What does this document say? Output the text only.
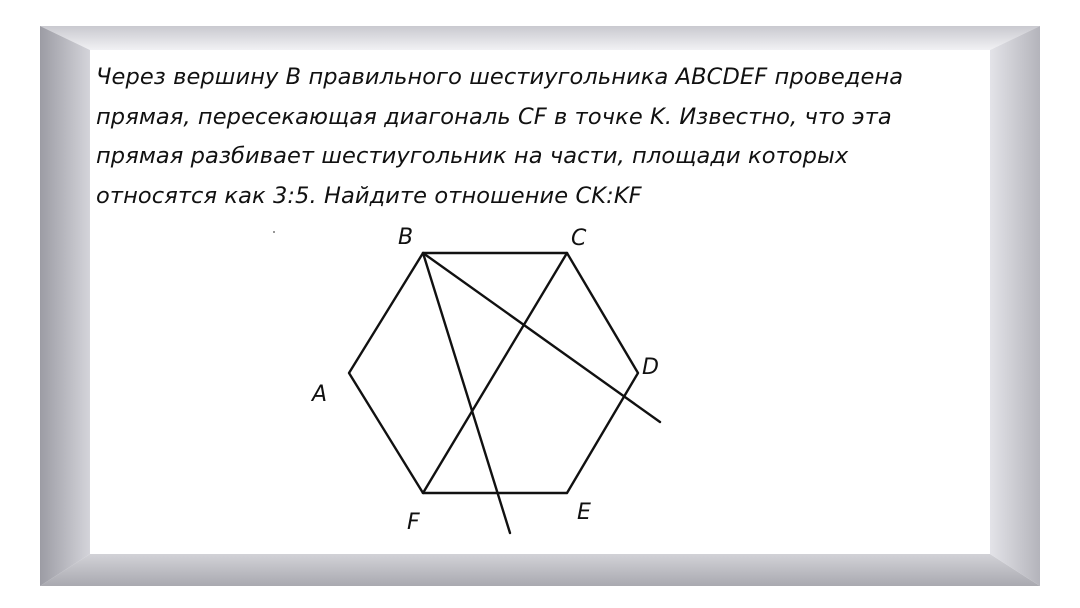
Через вершину B правильного шестиугольника ABCDEF проведена
прямая, пересекающая диагональ CF в точке K. Известно, что эта
прямая разбивает шестиугольник на части, площади которых
относятся как 3:5. Найдите отношение CK:KF

A
B	C
D
E
F
